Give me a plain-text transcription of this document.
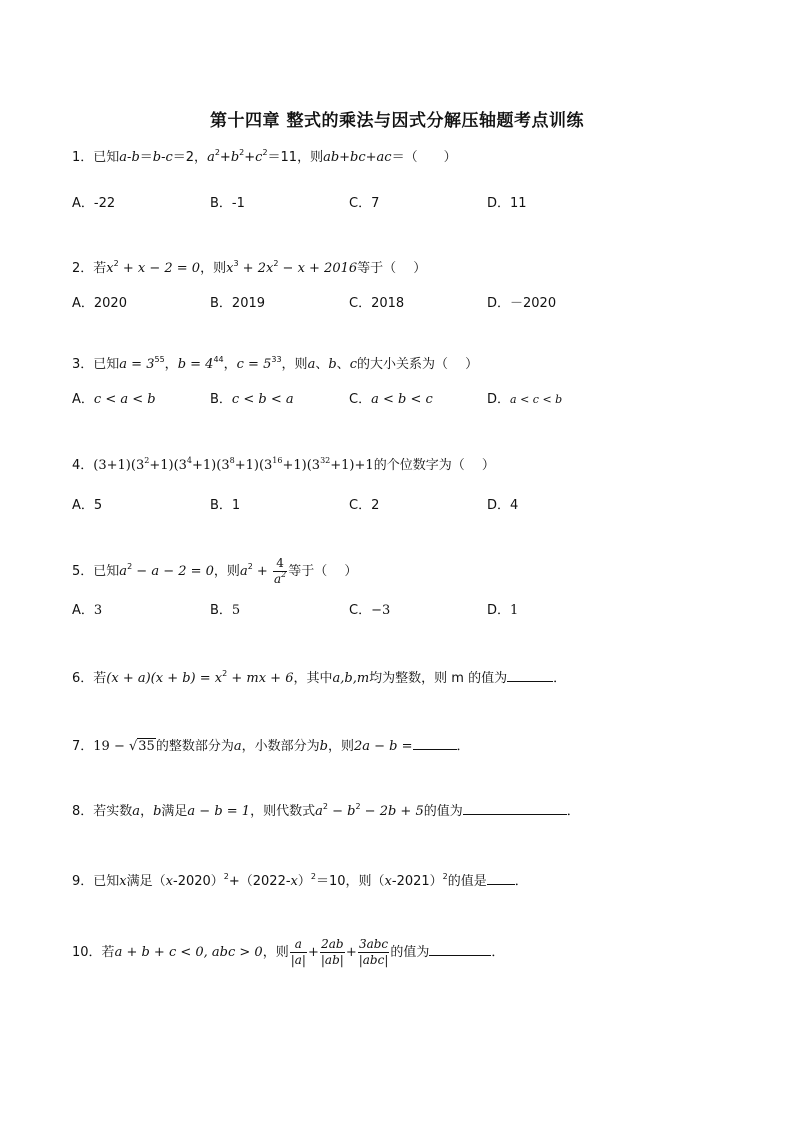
第十四章 整式的乘法与因式分解压轴题考点训练
1．已知a-b＝b-c＝2，$a^2+b^2+c^2=11$，则ab+bc+ac＝（　　）
A．-22	B．-1	C．7	D．11
2．若$x^2 + x - 2 = 0$，则$x^3 + 2x^2 - x + 2016$等于（　 ）
A．2020	B．2019	C．2018	D．－2020
3．已知$a = 3^{55}$，$b = 4^{44}$，$c = 5^{33}$，则a、b、c的大小关系为（　 ）
A．c < a < b	B．c < b < a	C．a < b < c	D．a < c < b
4．$(3+1)(3^2+1)(3^4+1)(3^8+1)(3^{16}+1)(3^{32}+1)+1$的个位数字为（　 ）
A．5	B．1	C．2	D．4
5．已知$a^2 - a - 2 = 0$，则$a^2 + \frac{4}{a^2}$ 等于（　 ）
A．3	B．5	C．−3	D．1
6．若$(x + a)(x + b) = x^2$ + mx + 6，其中a,b,m均为整数，则 m 的值为	．
7．19 − √35的整数部分为a，小数部分为b，则2a − b =	．
8．若实数a，b满足a − b = 1，则代数式$a^2 - b^2 - 2b + 5$的值为	．
9．已知x满足$(x-2020)^2+(2022-x)^2=10$，则$(x-2021)^2$的值是 ．
10．若a + b + c < 0, abc > 0，则 $\frac{a}{|a|} + \frac{2ab}{|ab|} + \frac{\text{3abc}}{\text{|abc|}}$ 的值为	．
